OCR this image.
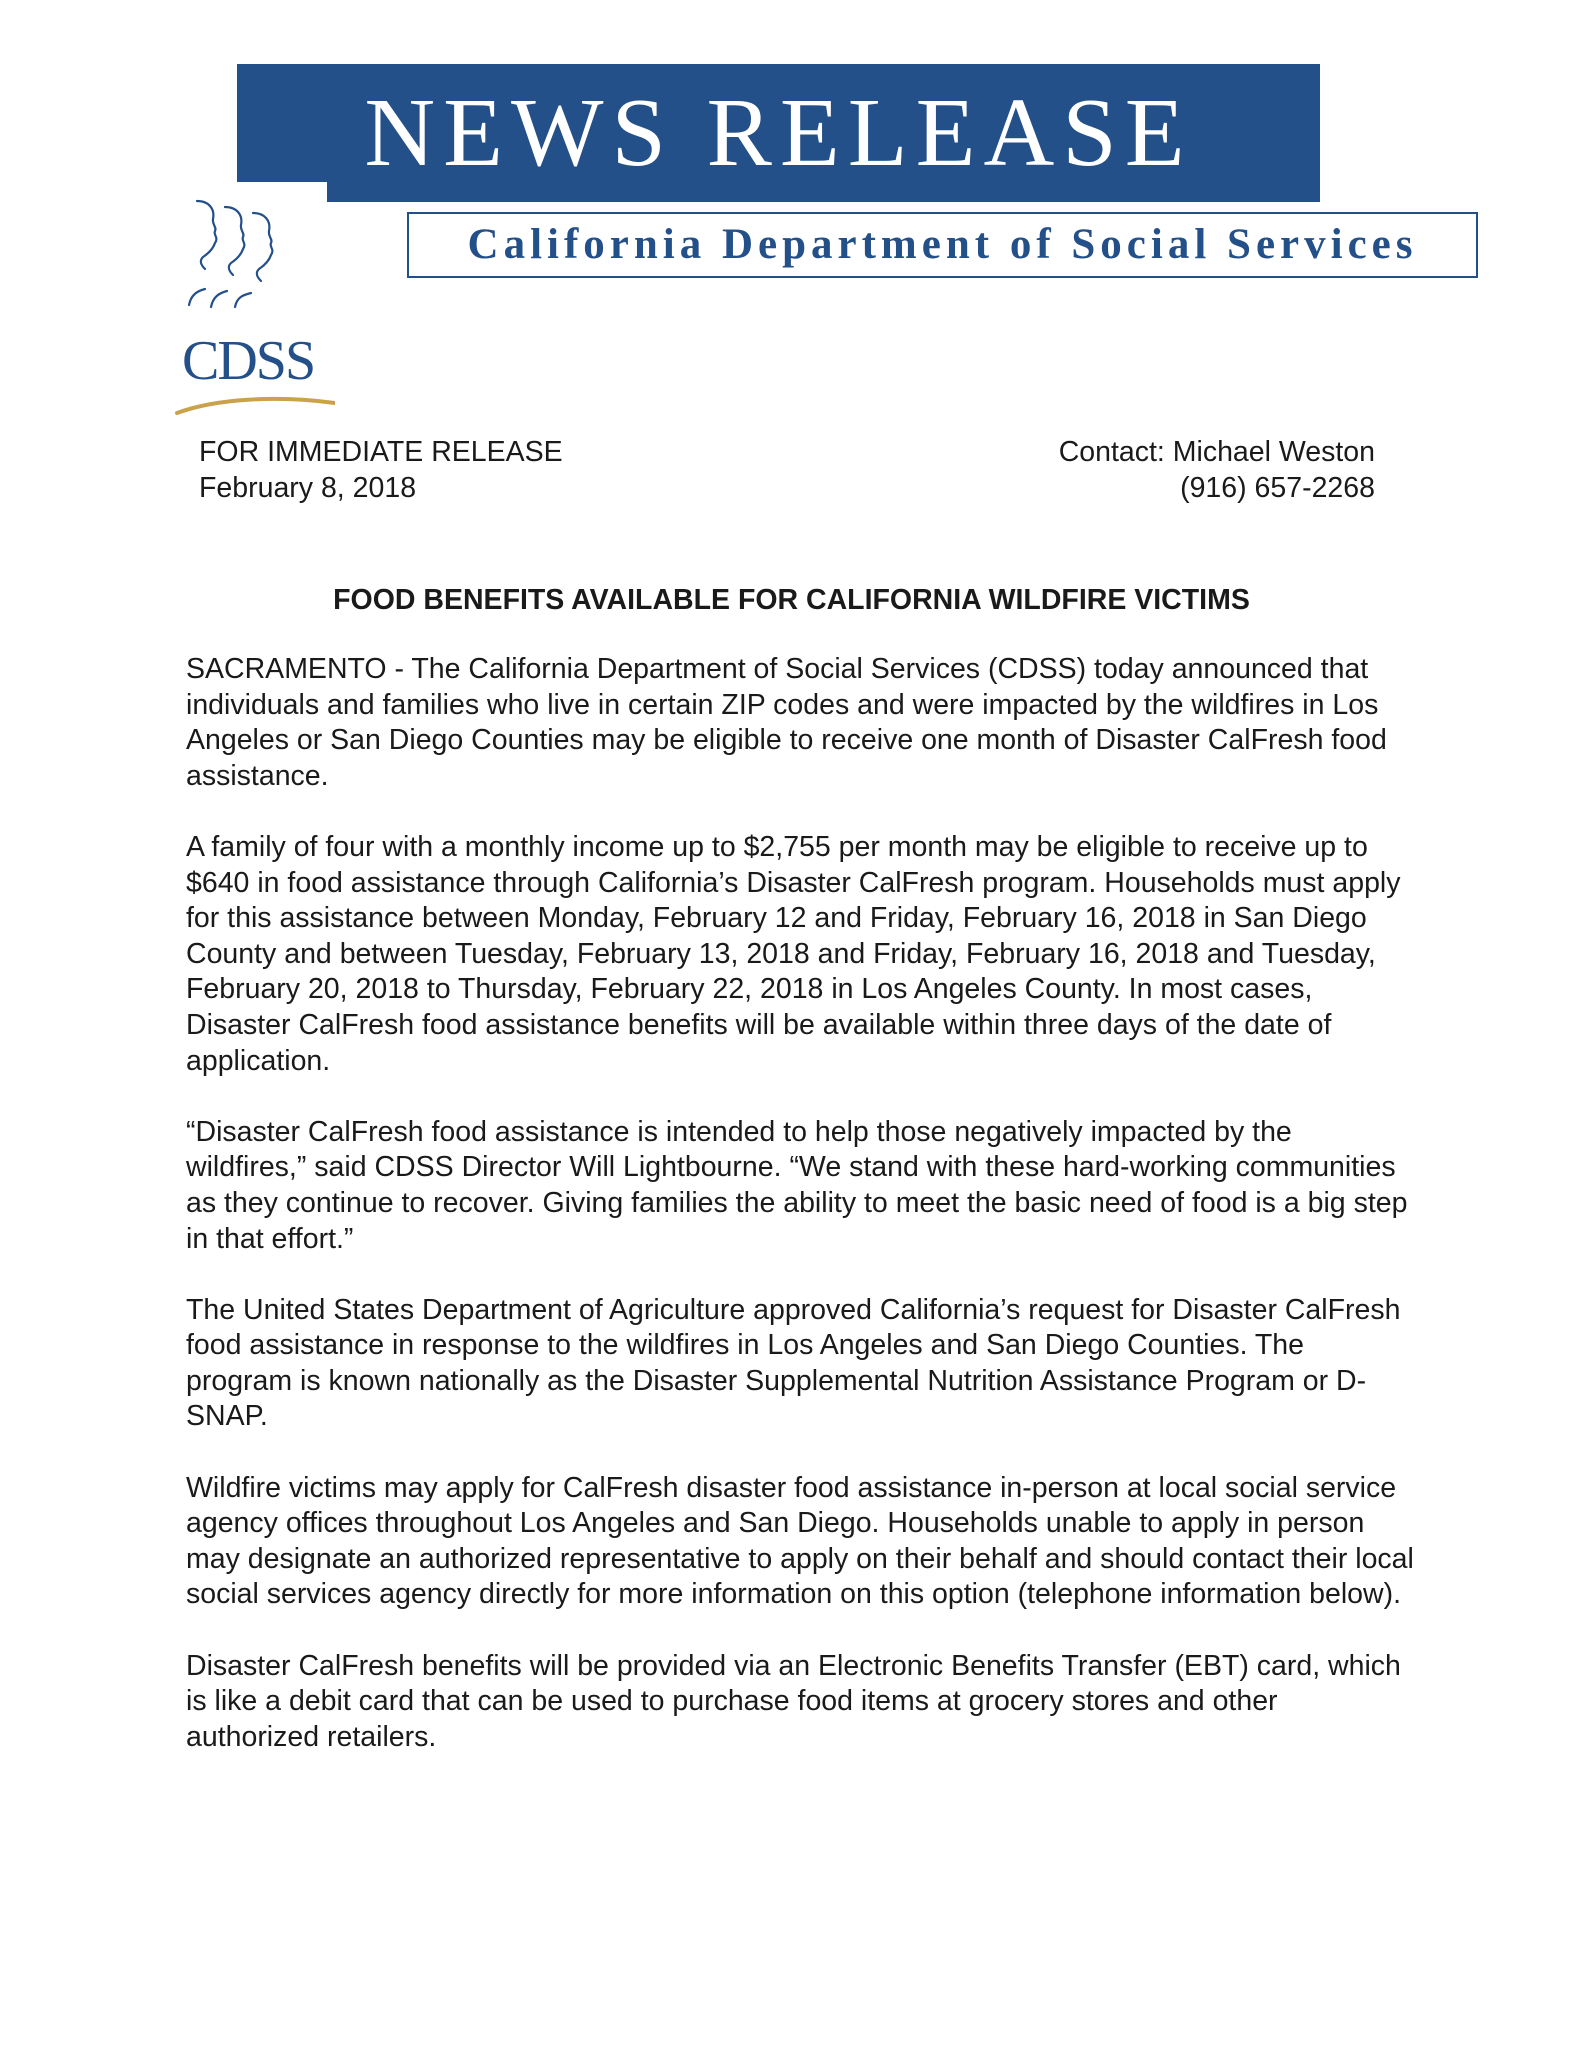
NEWS RELEASE
California Department of Social Services
CDSS
FOR IMMEDIATE RELEASE
February 8, 2018
Contact: Michael Weston
(916) 657-2268
FOOD BENEFITS AVAILABLE FOR CALIFORNIA WILDFIRE VICTIMS

SACRAMENTO - The California Department of Social Services (CDSS) today announced that individuals and families who live in certain ZIP codes and were impacted by the wildfires in Los Angeles or San Diego Counties may be eligible to receive one month of Disaster CalFresh food assistance.

A family of four with a monthly income up to $2,755 per month may be eligible to receive up to $640 in food assistance through California’s Disaster CalFresh program. Households must apply for this assistance between Monday, February 12 and Friday, February 16, 2018 in San Diego County and between Tuesday, February 13, 2018 and Friday, February 16, 2018 and Tuesday, February 20, 2018 to Thursday, February 22, 2018 in Los Angeles County. In most cases, Disaster CalFresh food assistance benefits will be available within three days of the date of application.

“Disaster CalFresh food assistance is intended to help those negatively impacted by the wildfires,” said CDSS Director Will Lightbourne. “We stand with these hard-working communities as they continue to recover. Giving families the ability to meet the basic need of food is a big step in that effort.”

The United States Department of Agriculture approved California’s request for Disaster CalFresh food assistance in response to the wildfires in Los Angeles and San Diego Counties. The program is known nationally as the Disaster Supplemental Nutrition Assistance Program or D-SNAP.

Wildfire victims may apply for CalFresh disaster food assistance in-person at local social service agency offices throughout Los Angeles and San Diego. Households unable to apply in person may designate an authorized representative to apply on their behalf and should contact their local social services agency directly for more information on this option (telephone information below).

Disaster CalFresh benefits will be provided via an Electronic Benefits Transfer (EBT) card, which is like a debit card that can be used to purchase food items at grocery stores and other authorized retailers.
